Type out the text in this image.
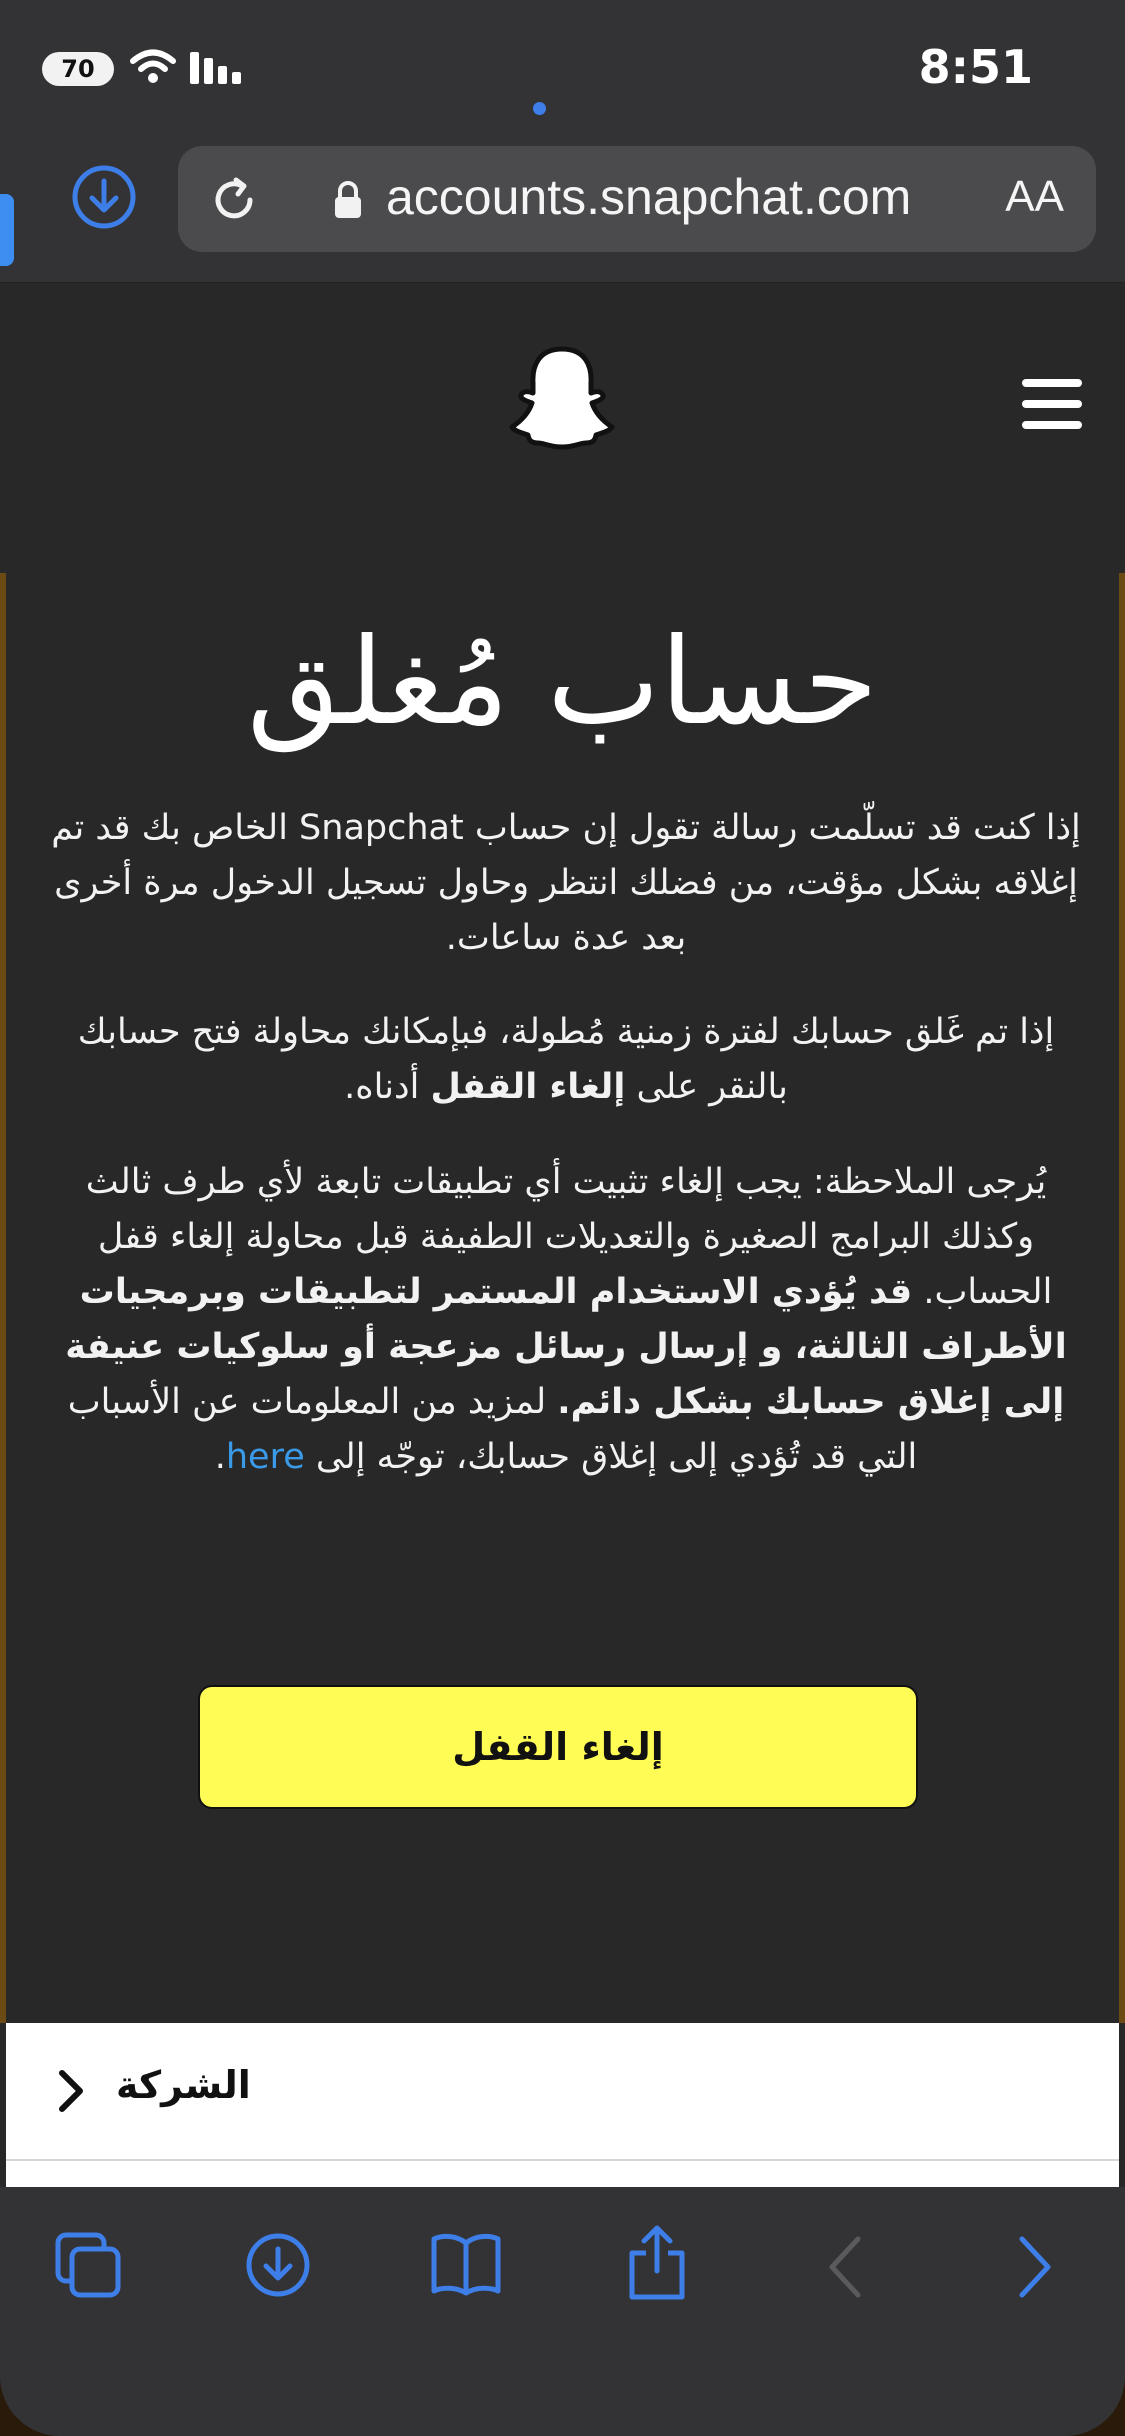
70	8:51
accounts.snapchat.com AA
حساب مُغلق
إذا كنت قد تسلّمت رسالة تقول إن حساب Snapchat الخاص بك قد تم إغلاقه بشكل مؤقت، من فضلك انتظر وحاول تسجيل الدخول مرة أخرى بعد عدة ساعات.
إذا تم غَلق حسابك لفترة زمنية مُطولة، فبإمكانك محاولة فتح حسابك بالنقر على إلغاء القفل أدناه.
يُرجى الملاحظة: يجب إلغاء تثبيت أي تطبيقات تابعة لأي طرف ثالث وكذلك البرامج الصغيرة والتعديلات الطفيفة قبل محاولة إلغاء قفل الحساب. قد يُؤدي الاستخدام المستمر لتطبيقات وبرمجيات الأطراف الثالثة، و إرسال رسائل مزعجة أو سلوكيات عنيفة إلى إغلاق حسابك بشكل دائم. لمزيد من المعلومات عن الأسباب التي قد تُؤدي إلى إغلاق حسابك، توجّه إلى here.
إلغاء القفل
الشركة
